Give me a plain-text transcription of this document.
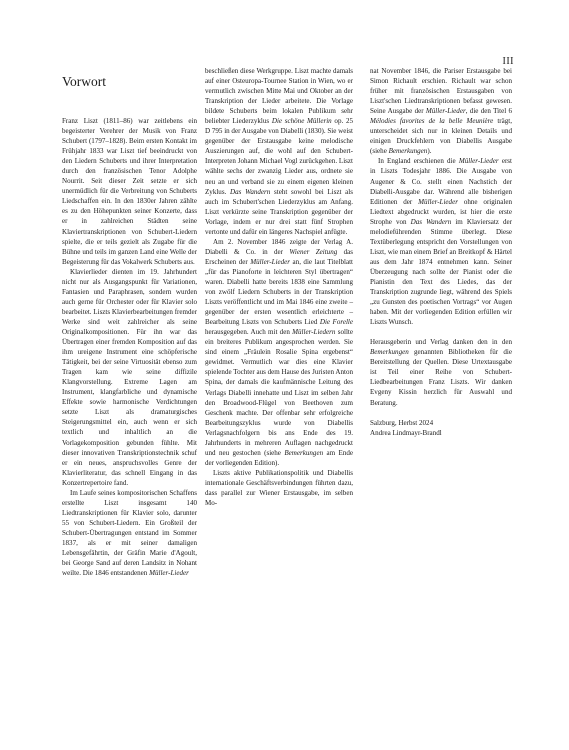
III
Vorwort

Franz Liszt (1811–86) war zeitlebens ein begeisterter Verehrer der Musik von Franz Schubert (1797–1828). Beim ersten Kontakt im Frühjahr 1833 war Liszt tief beeindruckt von den Liedern Schuberts und ihrer Interpretation durch den französischen Tenor Adolphe Nourrit. Seit dieser Zeit setzte er sich unermüdlich für die Verbreitung von Schuberts Liedschaffen ein. In den 1830er Jahren zählte es zu den Höhepunkten seiner Konzerte, dass er in zahlreichen Städten seine Klaviertranskriptionen von Schubert-Liedern spielte, die er teils gezielt als Zugabe für die Bühne und teils im ganzen Land eine Welle der Begeisterung für das Vokalwerk Schuberts aus.

Klavierlieder dienten im 19. Jahrhundert nicht nur als Ausgangspunkt für Variationen, Fantasien und Paraphrasen, sondern wurden auch gerne für Orchester oder für Klavier solo bearbeitet. Liszts Klavierbearbeitungen fremder Werke sind weit zahlreicher als seine Originalkompositionen. Für ihn war das Übertragen einer fremden Komposition auf das ihm ureigene Instrument eine schöpferische Tätigkeit, bei der seine Virtuosität ebenso zum Tragen kam wie seine diffizile Klangvorstellung. Extreme Lagen am Instrument, klangfarbliche und dynamische Effekte sowie harmonische Verdichtungen setzte Liszt als dramaturgisches Steigerungsmittel ein, auch wenn er sich textlich und inhaltlich an die Vorlagekomposition gebunden fühlte. Mit dieser innovativen Transkriptionstechnik schuf er ein neues, anspruchsvolles Genre der Klavierliteratur, das schnell Eingang in das Konzertrepertoire fand.

Im Laufe seines kompositorischen Schaffens erstellte Liszt insgesamt 140 Liedtranskriptionen für Klavier solo, darunter 55 von Schubert-Liedern. Ein Großteil der Schubert-Übertragungen entstand im Sommer 1837, als er mit seiner damaligen Lebensgefährtin, der Gräfin Marie d'Agoult, bei George Sand auf deren Landsitz in Nohant weilte. Die 1846 entstandenen Müller-Lieder

beschließen diese Werkgruppe. Liszt machte damals auf einer Osteuropa-Tournee Station in Wien, wo er vermutlich zwischen Mitte Mai und Oktober an der Transkription der Lieder arbeitete. Die Vorlage bildete Schuberts beim lokalen Publikum sehr beliebter Liederzyklus Die schöne Müllerin op. 25 D 795 in der Ausgabe von Diabelli (1830). Sie weist gegenüber der Erstausgabe keine melodische Auszierungen auf, die wohl auf den Schubert-Interpreten Johann Michael Vogl zurückgehen. Liszt wählte sechs der zwanzig Lieder aus, ordnete sie neu an und verband sie zu einem eigenen kleinen Zyklus. Das Wandern steht sowohl bei Liszt als auch im Schubert'schen Liederzyklus am Anfang. Liszt verkürzte seine Transkription gegenüber der Vorlage, indem er nur drei statt fünf Strophen vertonte und dafür ein längeres Nachspiel anfügte.

Am 2. November 1846 zeigte der Verlag A. Diabelli & Co. in der Wiener Zeitung das Erscheinen der Müller-Lieder an, die laut Titelblatt „für das Pianoforte in leichteren Styl übertragen“ waren. Diabelli hatte bereits 1838 eine Sammlung von zwölf Liedern Schuberts in der Transkription Liszts veröffentlicht und im Mai 1846 eine zweite – gegenüber der ersten wesentlich erleichterte – Bearbeitung Liszts von Schuberts Lied Die Forelle herausgegeben. Auch mit den Müller-Liedern sollte ein breiteres Publikum angesprochen werden. Sie sind einem „Fräulein Rosalie Spina ergebenst“ gewidmet. Vermutlich war dies eine Klavier spielende Tochter aus dem Hause des Juristen Anton Spina, der damals die kaufmännische Leitung des Verlags Diabelli innehatte und Liszt im selben Jahr den Broadwood-Flügel von Beethoven zum Geschenk machte. Der offenbar sehr erfolgreiche Bearbeitungszyklus wurde von Diabellis Verlagsnachfolgern bis ans Ende des 19. Jahrhunderts in mehreren Auflagen nachgedruckt und neu gestochen (siehe Bemerkungen am Ende der vorliegenden Edition).

Liszts aktive Publikationspolitik und Diabellis internationale Geschäftsverbindungen führten dazu, dass parallel zur Wiener Erstausgabe, im selben Mo-

nat November 1846, die Pariser Erstausgabe bei Simon Richault erschien. Richault war schon früher mit französischen Erstausgaben von Liszt'schen Liedtranskriptionen befasst gewesen. Seine Ausgabe der Müller-Lieder, die den Titel 6 Mélodies favorites de la belle Meunière trägt, unterscheidet sich nur in kleinen Details und einigen Druckfehlern von Diabellis Ausgabe (siehe Bemerkungen).

In England erschienen die Müller-Lieder erst in Liszts Todesjahr 1886. Die Ausgabe von Augener & Co. stellt einen Nachstich der Diabelli-Ausgabe dar. Während alle bisherigen Editionen der Müller-Lieder ohne originalen Liedtext abgedruckt wurden, ist hier die erste Strophe von Das Wandern im Klaviersatz der melodieführenden Stimme überlegt. Diese Textüberlegung entspricht den Vorstellungen von Liszt, wie man einem Brief an Breitkopf & Härtel aus dem Jahr 1874 entnehmen kann. Seiner Überzeugung nach sollte der Pianist oder die Pianistin den Text des Liedes, das der Transkription zugrunde liegt, während des Spiels „zu Gunsten des poetischen Vortrags“ vor Augen haben. Mit der vorliegenden Edition erfüllen wir Liszts Wunsch.

Herausgeberin und Verlag danken den in den Bemerkungen genannten Bibliotheken für die Bereitstellung der Quellen. Diese Urtextausgabe ist Teil einer Reihe von Schubert-Liedbearbeitungen Franz Liszts. Wir danken Evgeny Kissin herzlich für Auswahl und Beratung.

Salzburg, Herbst 2024

Andrea Lindmayr-Brandl
